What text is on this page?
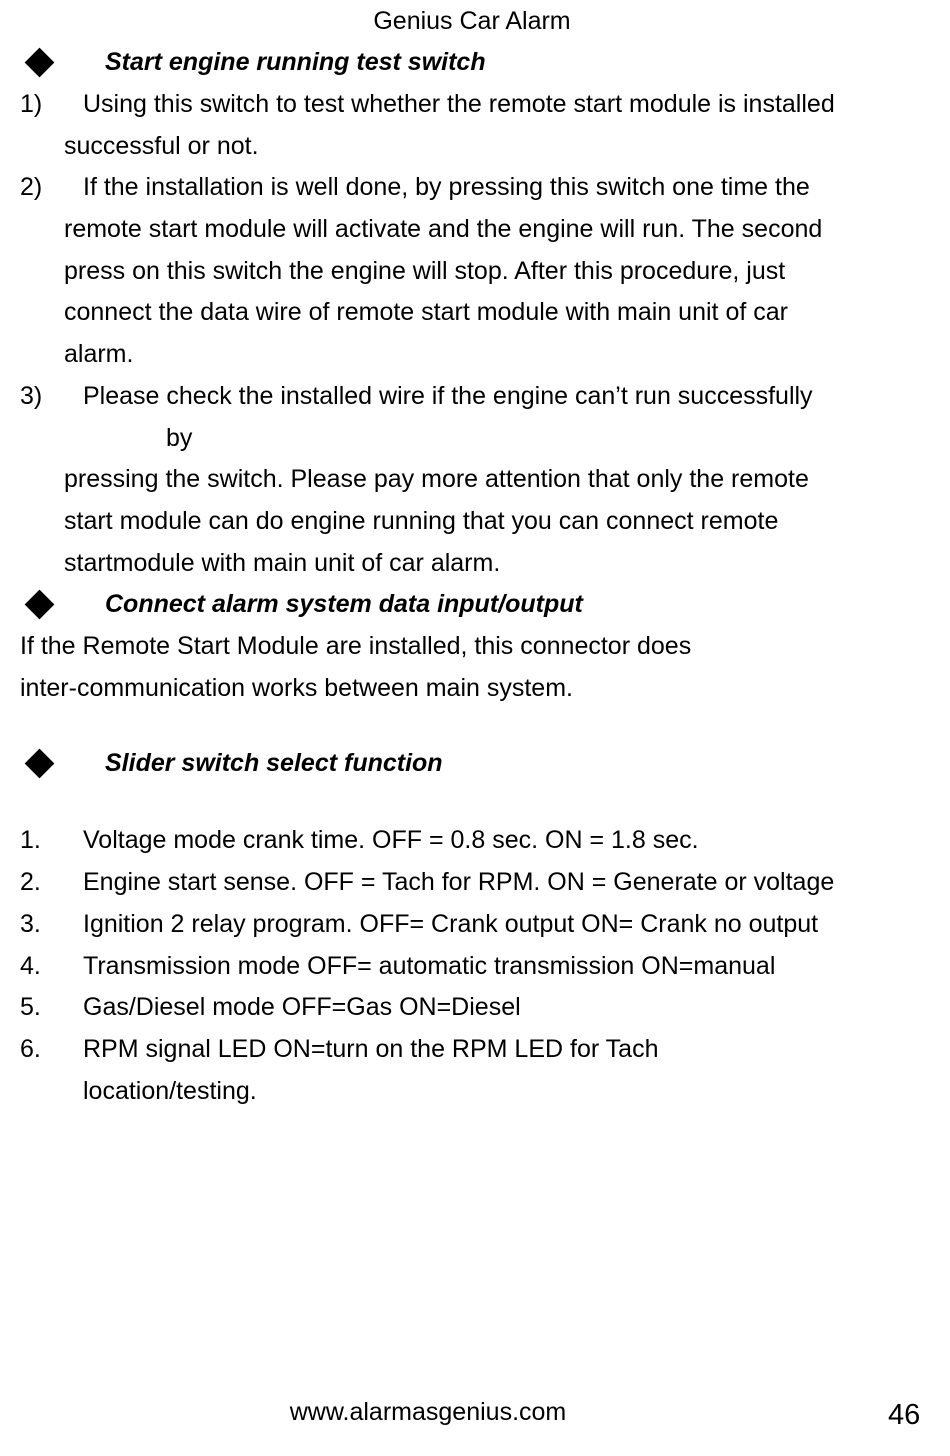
Genius Car Alarm
Start engine running test switch
1) Using this switch to test whether the remote start module is installed
successful or not.
2) If the installation is well done, by pressing this switch one time the
remote start module will activate and the engine will run. The second
press on this switch the engine will stop. After this procedure, just
connect the data wire of remote start module with main unit of car
alarm.
3) Please check the installed wire if the engine can’t run successfully
by
pressing the switch. Please pay more attention that only the remote
start module can do engine running that you can connect remote
startmodule with main unit of car alarm.
Connect alarm system data input/output
If the Remote Start Module are installed, this connector does
inter-communication works between main system.
Slider switch select function
1. Voltage mode crank time. OFF = 0.8 sec. ON = 1.8 sec.
2. Engine start sense. OFF = Tach for RPM. ON = Generate or voltage
3. Ignition 2 relay program. OFF= Crank output ON= Crank no output
4. Transmission mode OFF= automatic transmission ON=manual
5. Gas/Diesel mode OFF=Gas ON=Diesel
6. RPM signal LED ON=turn on the RPM LED for Tach
location/testing.
www.alarmasgenius.com	46
